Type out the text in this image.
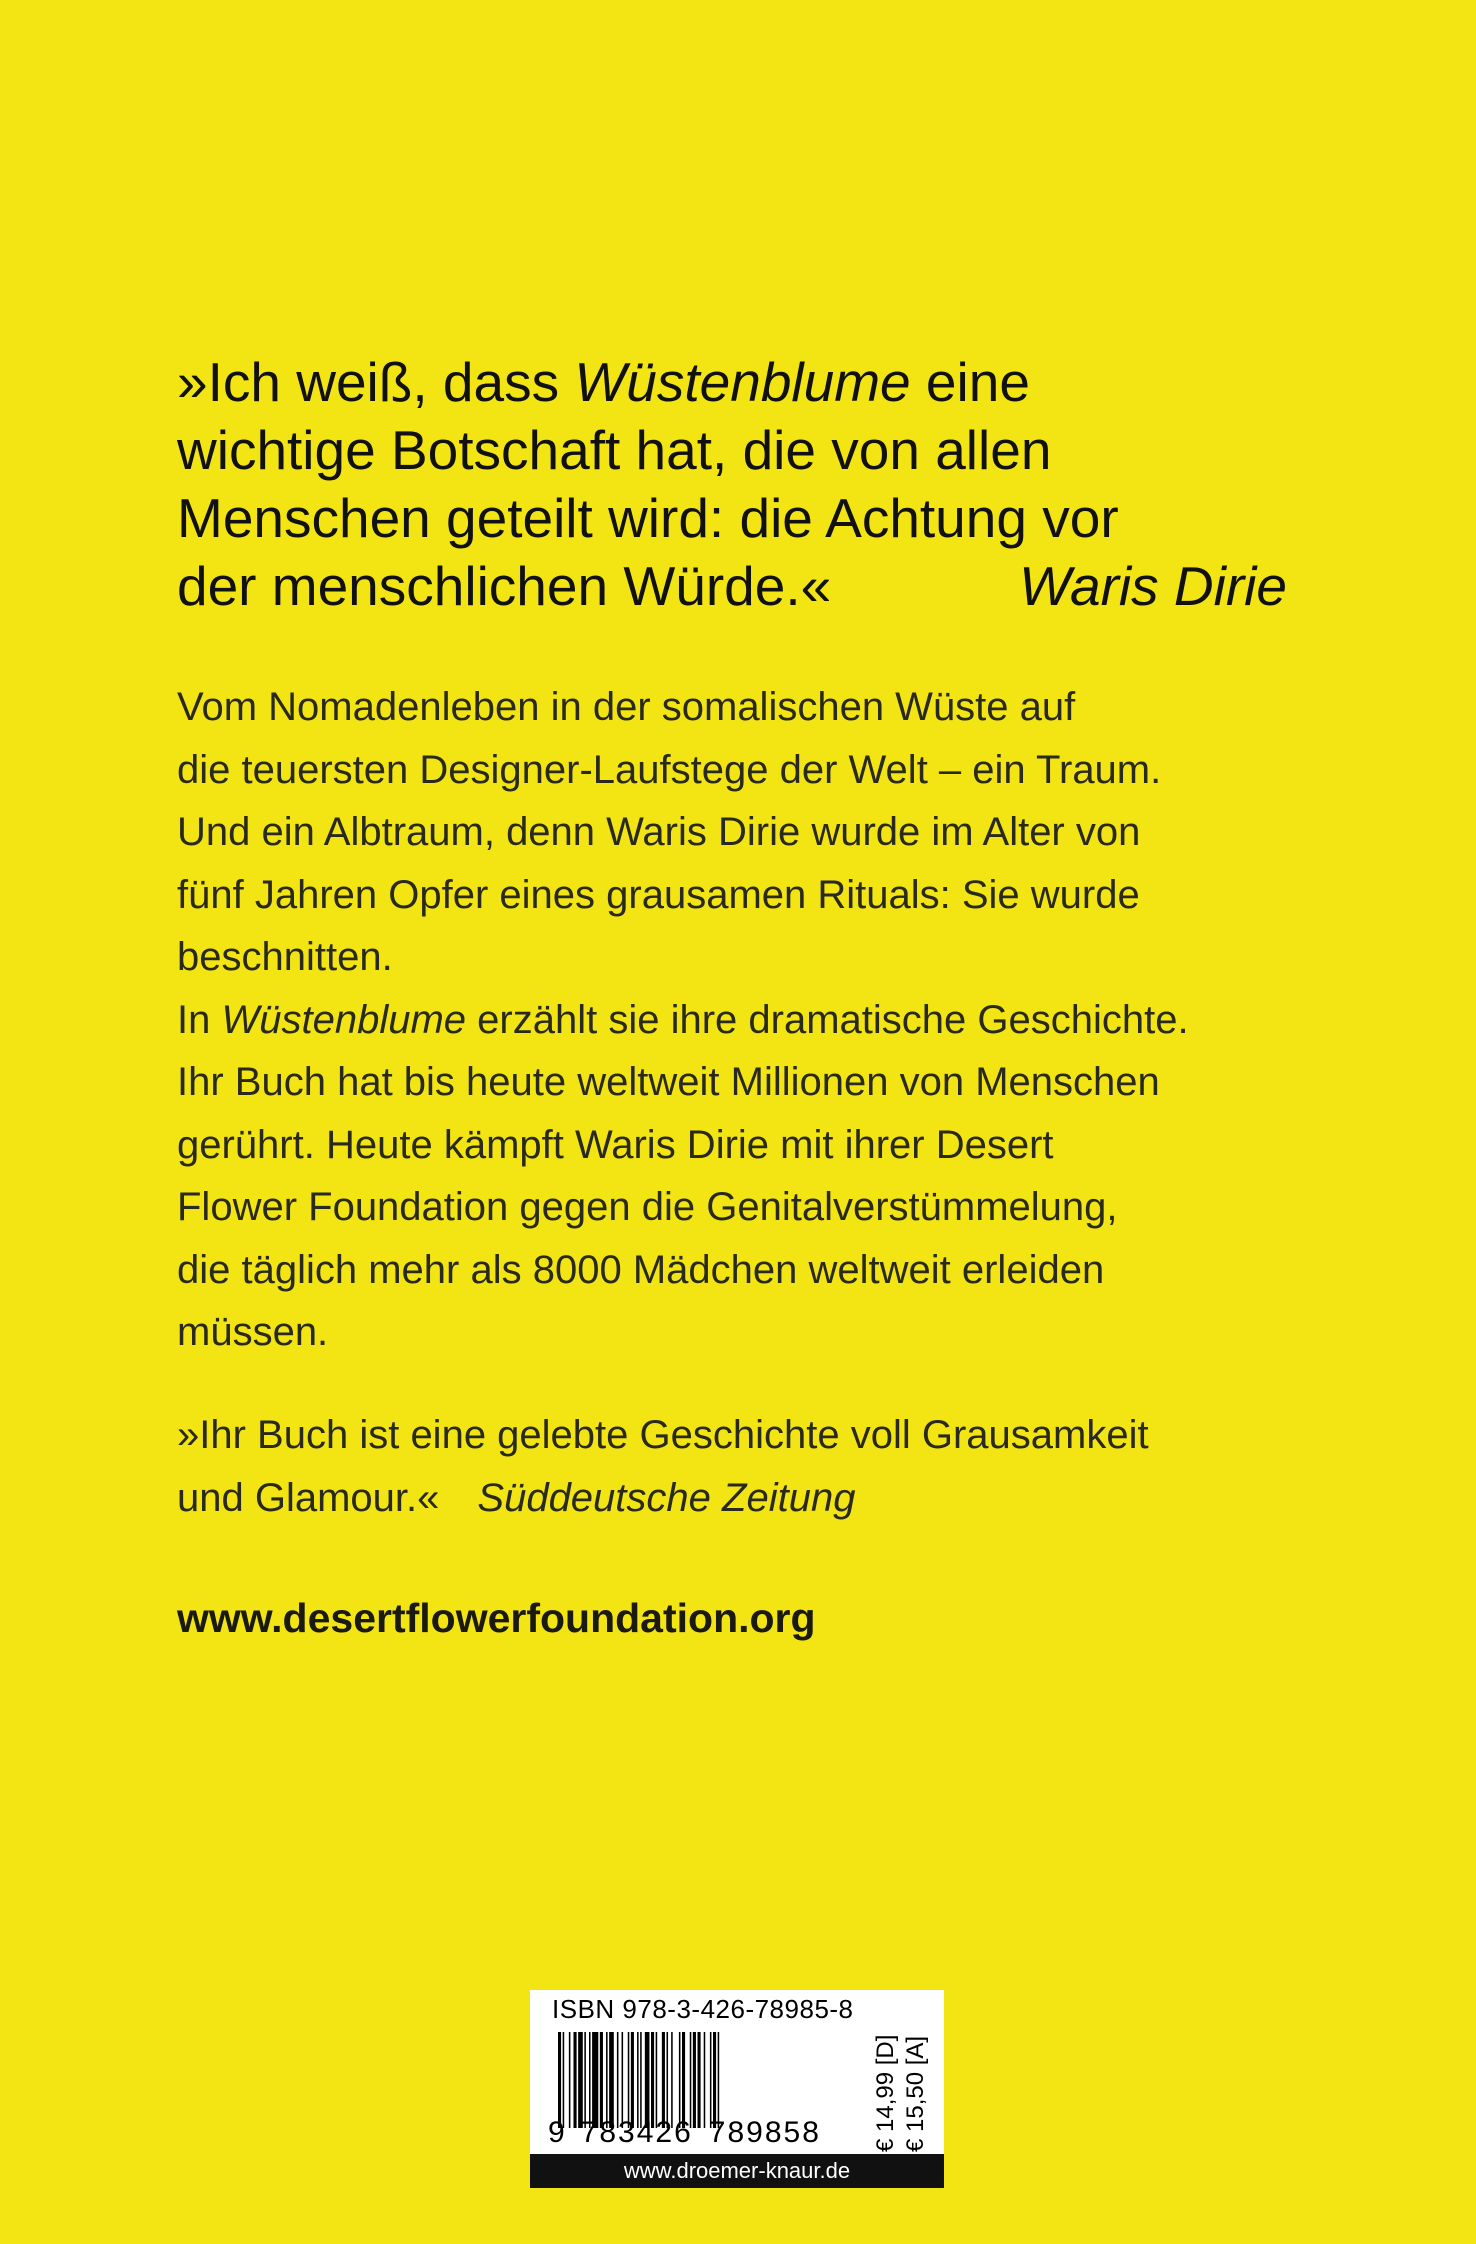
»Ich weiß, dass Wüstenblume eine
wichtige Botschaft hat, die von allen
Menschen geteilt wird: die Achtung vor
der menschlichen Würde.«	Waris Dirie
Vom Nomadenleben in der somalischen Wüste auf
die teuersten Designer-Laufstege der Welt – ein Traum.
Und ein Albtraum, denn Waris Dirie wurde im Alter von
fünf Jahren Opfer eines grausamen Rituals: Sie wurde
beschnitten.
In Wüstenblume erzählt sie ihre dramatische Geschichte.
Ihr Buch hat bis heute weltweit Millionen von Menschen
gerührt. Heute kämpft Waris Dirie mit ihrer Desert
Flower Foundation gegen die Genitalverstümmelung,
die täglich mehr als 8000 Mädchen weltweit erleiden
müssen.
»Ihr Buch ist eine gelebte Geschichte voll Grausamkeit
und Glamour.« Süddeutsche Zeitung
www.desertflowerfoundation.org
ISBN 978-3-426-78985-8
9 783426 789858 € 14,99 [D] € 15,50 [A]
www.droemer-knaur.de
